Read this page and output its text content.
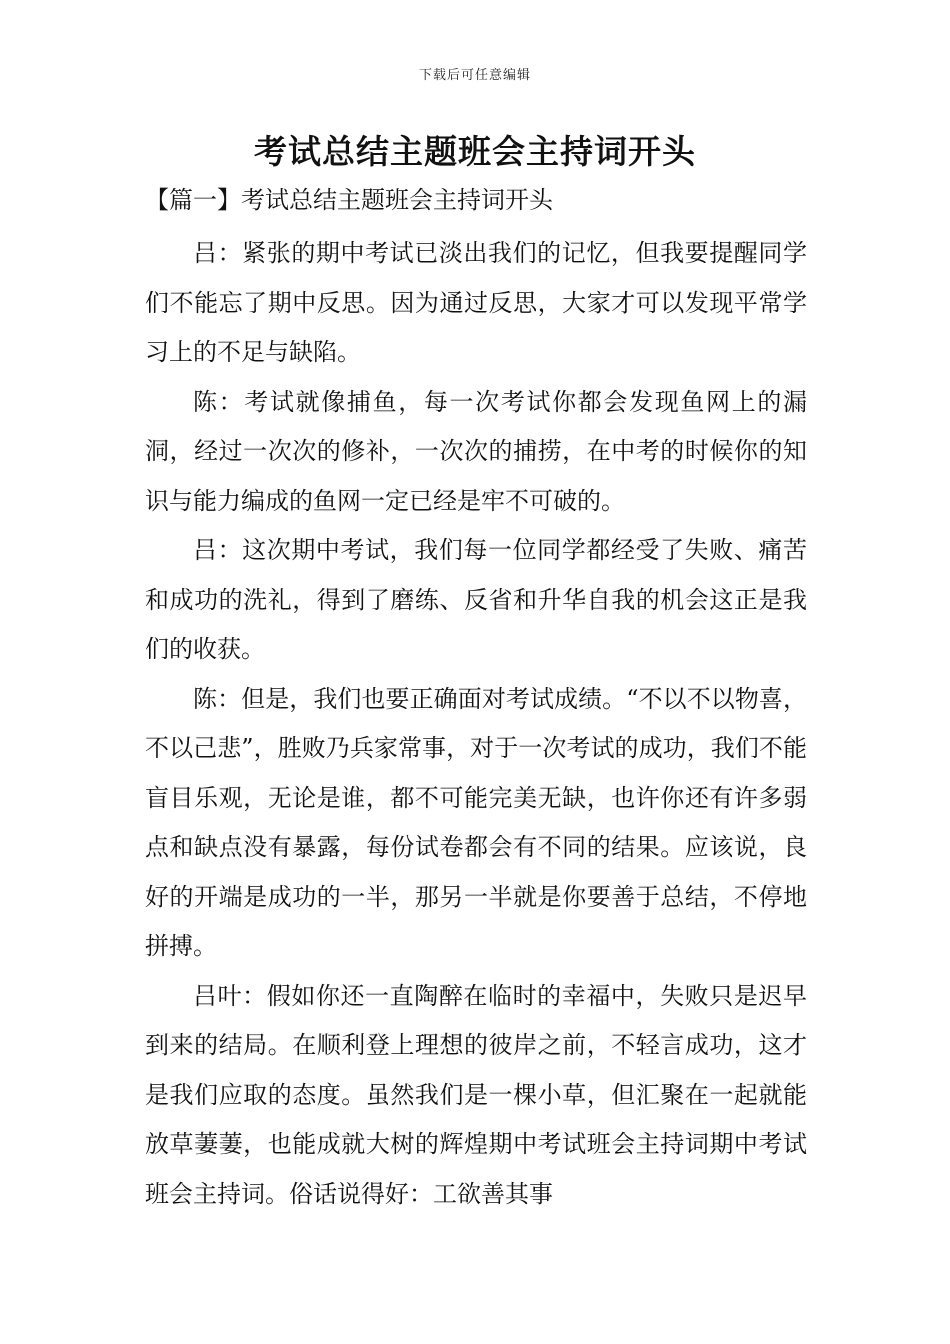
下载后可任意编辑
考试总结主题班会主持词开头
【篇一】考试总结主题班会主持词开头

吕：紧张的期中考试已淡出我们的记忆，但我要提醒同学们不能忘了期中反思。因为通过反思，大家才可以发现平常学习上的不足与缺陷。

陈：考试就像捕鱼，每一次考试你都会发现鱼网上的漏洞，经过一次次的修补，一次次的捕捞，在中考的时候你的知识与能力编成的鱼网一定已经是牢不可破的。

吕：这次期中考试，我们每一位同学都经受了失败、痛苦和成功的洗礼，得到了磨练、反省和升华自我的机会这正是我们的收获。

陈：但是，我们也要正确面对考试成绩。“不以不以物喜，不以己悲”，胜败乃兵家常事，对于一次考试的成功，我们不能盲目乐观，无论是谁，都不可能完美无缺，也许你还有许多弱点和缺点没有暴露，每份试卷都会有不同的结果。应该说，良好的开端是成功的一半，那另一半就是你要善于总结，不停地拼搏。

吕叶：假如你还一直陶醉在临时的幸福中，失败只是迟早到来的结局。在顺利登上理想的彼岸之前，不轻言成功，这才是我们应取的态度。虽然我们是一棵小草，但汇聚在一起就能放草萋萋，也能成就大树的辉煌期中考试班会主持词期中考试班会主持词。俗话说得好：工欲善其事
